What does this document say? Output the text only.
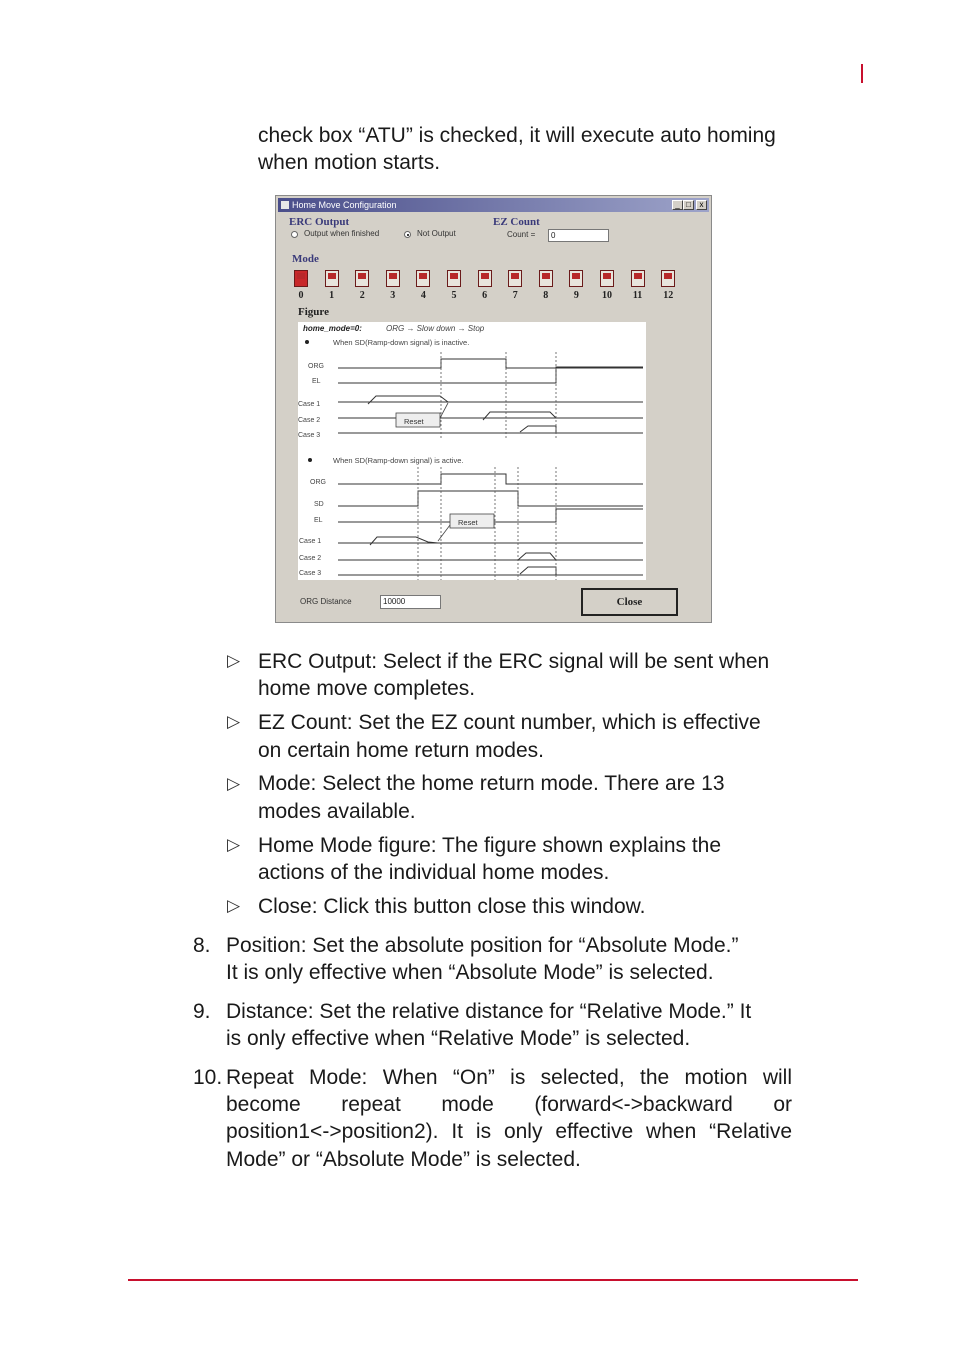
check box “ATU” is checked, it will execute auto homing
when motion starts.
Home Move Configuration	_ □	x
ERC Output
Output when finished	Not Output
EZ Count
Count =	0
Mode
Figure
home_mode=0:	ORG → Slow down → Stop
When SD(Ramp-down signal) is inactive.
When SD(Ramp-down signal) is active.
ORG
EL
Case 1
Case 2
Case 3
ORG
SD
EL
Case 1
Case 2
Case 3
Reset
Reset
ORG Distance	10000	Close
0	1	2	3	4	5	6	7	8	9	10	11	12
▷ ERC Output: Select if the ERC signal will be sent when
home move completes.
▷ EZ Count: Set the EZ count number, which is effective
on certain home return modes.
▷ Mode: Select the home return mode. There are 13
modes available.
▷ Home Mode figure: The figure shown explains the
actions of the individual home modes.
▷ Close: Click this button close this window.
8. Position: Set the absolute position for “Absolute Mode.”
It is only effective when “Absolute Mode” is selected.
9. Distance: Set the relative distance for “Relative Mode.” It
is only effective when “Relative Mode” is selected.
10. Repeat Mode: When “On” is selected, the motion will
become repeat mode (forward<->backward or
position1<->position2). It is only effective when “Relative
Mode” or “Absolute Mode” is selected.
